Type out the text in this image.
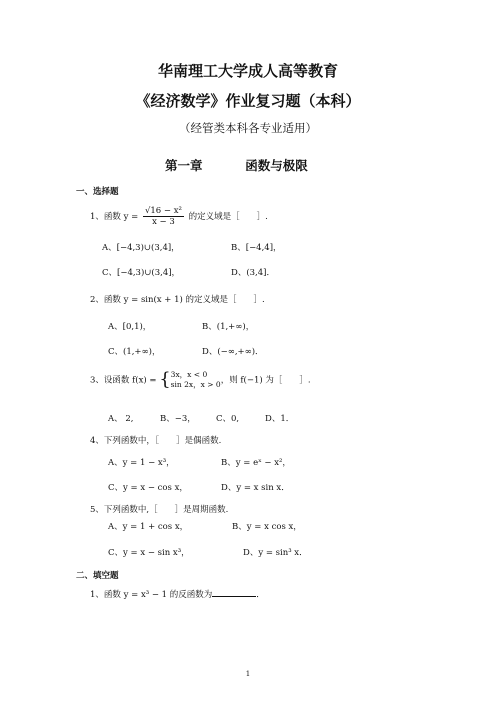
华南理工大学成人高等教育
《经济数学》作业复习题（本科）
（经管类本科各专业适用）
第一章	函数与极限
一、选择题
1、函数 $y = \frac{\text{√16 − x²}}{x - 3}$ 的定义域是［　　］.
A、[−4,3)∪(3,4]，	B、[−4,4]，
C、[−4,3)∪(3,4]，	D、(3,4]．
2、函数 y = sin(x + 1) 的定义域是［　　］.
A、[0,1)，	B、(1,+∞)，
C、(1,+∞)，	D、(−∞,+∞)．
3、设函数 f(x) = { 3x，x < 0
sin 2x，x > 0 ，则 f(−1) 为［　　］.
A、 2,	B、−3， C、0,	D、1．
4、下列函数中，［　　］是偶函数.
A、y = 1 − x³，	B、y = eˣ − x²，
C、y = x − cos x，	D、y = x sin x．
5、下列函数中,［　　］是周期函数.
A、y = 1 + cos x，	B、y = x cos x，
C、y = x − sin x³，	D、y = sin³ x．
二、填空题
1、函数 y = x³ − 1 的反函数为	．
1
